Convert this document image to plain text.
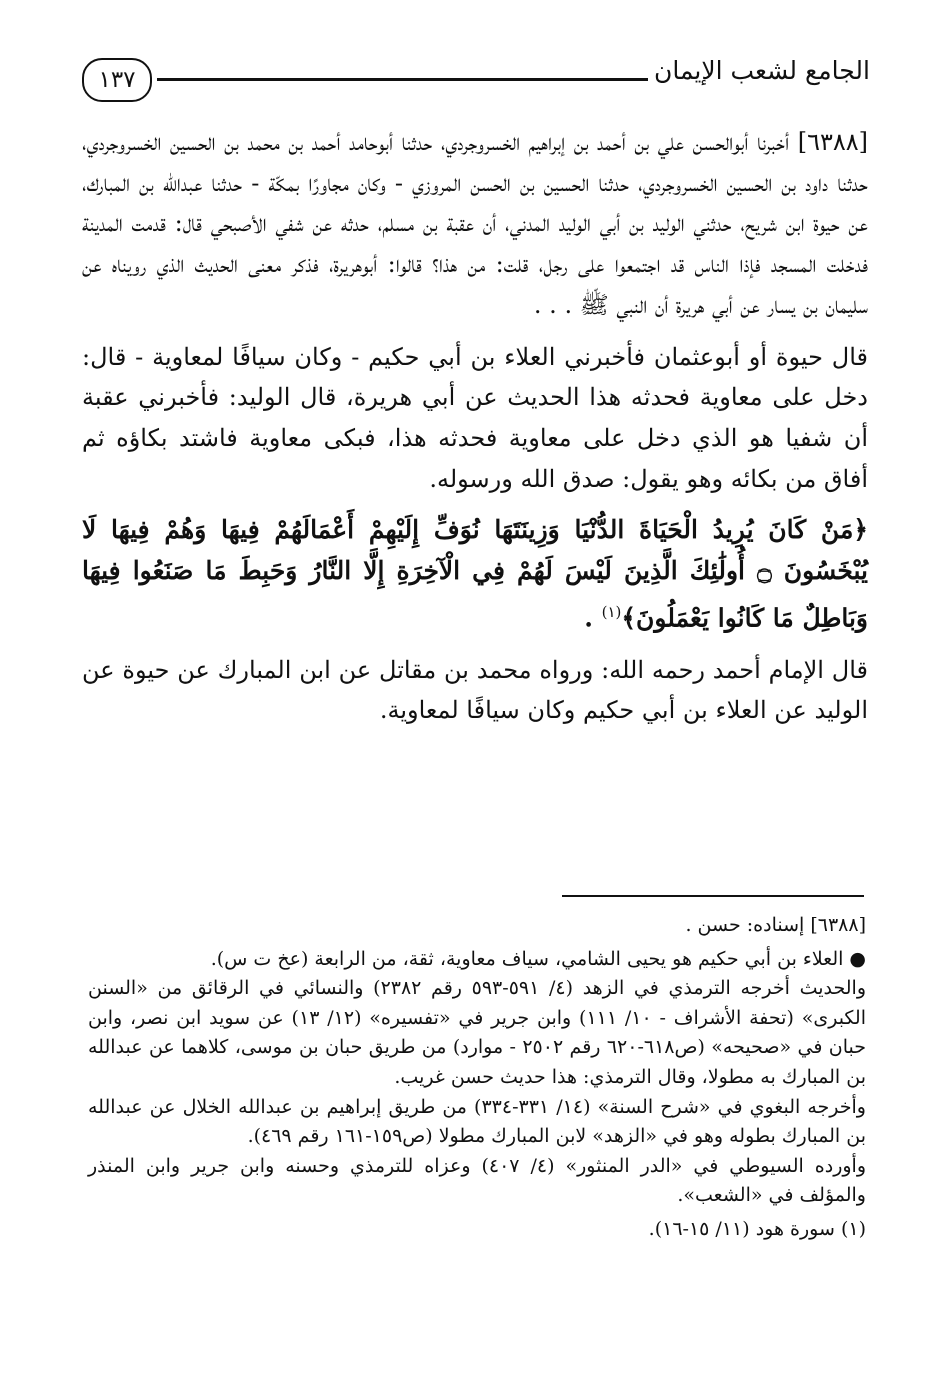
الجامع لشعب الإيمان
١٣٧

[٦٣٨٨] أخبرنا أبوالحسن علي بن أحمد بن إبراهيم الخسروجردي، حدثنا أبوحامد أحمد بن محمد بن الحسين الخسروجردي، حدثنا داود بن الحسين الخسروجردي، حدثنا الحسين بن الحسن المروزي - وكان مجاورًا بمكّة - حدثنا عبدالله بن المبارك، عن حيوة ابن شريح، حدثني الوليد بن أبي الوليد المدني، أن عقبة بن مسلم، حدثه عن شفي الأصبحي قال: قدمت المدينة فدخلت المسجد فإذا الناس قد اجتمعوا على رجل، قلت: من هذا؟ قالوا: أبوهريرة، فذكر معنى الحديث الذي رويناه عن سليمان بن يسار عن أبي هريرة أن النبي ﷺ . . .

قال حيوة أو أبوعثمان فأخبرني العلاء بن أبي حكيم - وكان سيافًا لمعاوية - قال: دخل على معاوية فحدثه هذا الحديث عن أبي هريرة، قال الوليد: فأخبرني عقبة أن شفيا هو الذي دخل على معاوية فحدثه هذا، فبكى معاوية فاشتد بكاؤه ثم أفاق من بكائه وهو يقول: صدق الله ورسوله.

﴿مَنْ كَانَ يُرِيدُ الْحَيَاةَ الدُّنْيَا وَزِينَتَهَا نُوَفِّ إِلَيْهِمْ أَعْمَالَهُمْ فِيهَا وَهُمْ فِيهَا لَا يُبْخَسُونَ ۝ أُولَٰئِكَ الَّذِينَ لَيْسَ لَهُمْ فِي الْآخِرَةِ إِلَّا النَّارُ وَحَبِطَ مَا صَنَعُوا فِيهَا وَبَاطِلٌ مَا كَانُوا يَعْمَلُونَ﴾$^{(١)}$ .

قال الإمام أحمد رحمه الله: ورواه محمد بن مقاتل عن ابن المبارك عن حيوة عن الوليد عن العلاء بن أبي حكيم وكان سيافًا لمعاوية.

[٦٣٨٨] إسناده: حسن .

●العلاء بن أبي حكيم هو يحيى الشامي، سياف معاوية، ثقة، من الرابعة (عخ ت س).

والحديث أخرجه الترمذي في الزهد (٤/ ٥٩١-٥٩٣ رقم ٢٣٨٢) والنسائي في الرقائق من «السنن الكبرى» (تحفة الأشراف - ١٠/ ١١١) وابن جرير في «تفسيره» (١٢/ ١٣) عن سويد ابن نصر، وابن حبان في «صحيحه» (ص٦١٨-٦٢٠ رقم ٢٥٠٢ - موارد) من طريق حبان بن موسى، كلاهما عن عبدالله بن المبارك به مطولا، وقال الترمذي: هذا حديث حسن غريب.

وأخرجه البغوي في «شرح السنة» (١٤/ ٣٣١-٣٣٤) من طريق إبراهيم بن عبدالله الخلال عن عبدالله بن المبارك بطوله وهو في «الزهد» لابن المبارك مطولا (ص١٥٩-١٦١ رقم ٤٦٩).

وأورده السيوطي في «الدر المنثور» (٤/ ٤٠٧) وعزاه للترمذي وحسنه وابن جرير وابن المنذر والمؤلف في «الشعب».

(١) سورة هود (١١/ ١٥-١٦).
